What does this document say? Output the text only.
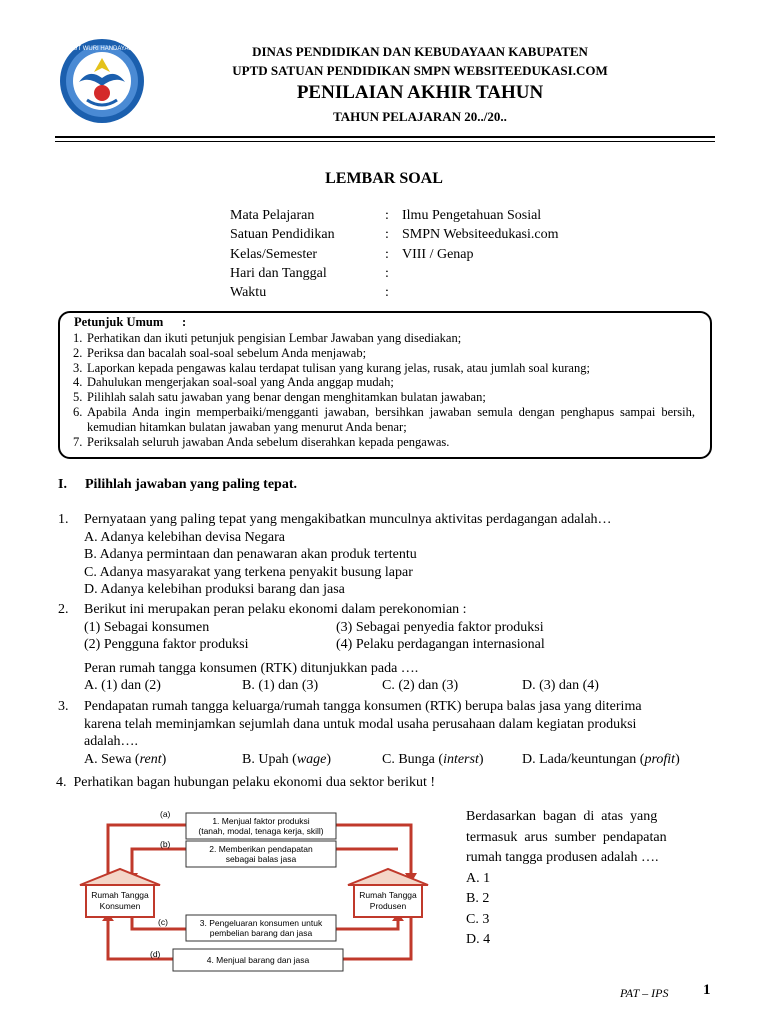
TUT WURI HANDAYANI	DINAS PENDIDIKAN DAN KEBUDAYAAN KABUPATEN
UPTD SATUAN PENDIDIKAN SMPN WEBSITEEDUKASI.COM
PENILAIAN AKHIR TAHUN
TAHUN PELAJARAN 20../20..
LEMBAR SOAL
Mata Pelajaran	: Ilmu Pengetahuan Sosial
Satuan Pendidikan	: SMPN Websiteedukasi.com
Kelas/Semester	: VIII / Genap
Hari dan Tanggal	:
Waktu	:
Petunjuk Umum      :
1. Perhatikan dan ikuti petunjuk pengisian Lembar Jawaban yang disediakan;
2. Periksa dan bacalah soal-soal sebelum Anda menjawab;
3. Laporkan kepada pengawas kalau terdapat tulisan yang kurang jelas, rusak, atau jumlah soal kurang;
4. Dahulukan mengerjakan soal-soal yang Anda anggap mudah;
5. Pilihlah salah satu jawaban yang benar dengan menghitamkan bulatan jawaban;
6. Apabila Anda ingin memperbaiki/mengganti jawaban, bersihkan jawaban semula dengan penghapus sampai bersih, kemudian hitamkan bulatan jawaban yang menurut Anda benar;
7. Periksalah seluruh jawaban Anda sebelum diserahkan kepada pengawas.
I. Pilihlah jawaban yang paling tepat.
1. Pernyataan yang paling tepat yang mengakibatkan munculnya aktivitas perdagangan adalah…
A. Adanya kelebihan devisa Negara
B. Adanya permintaan dan penawaran akan produk tertentu
C. Adanya masyarakat yang terkena penyakit busung lapar
D. Adanya kelebihan produksi barang dan jasa
2. Berikut ini merupakan peran pelaku ekonomi dalam perekonomian :
(1) Sebagai konsumen	(3) Sebagai penyedia faktor produksi
(2) Pengguna faktor produksi	(4) Pelaku perdagangan internasional
Peran rumah tangga konsumen (RTK) ditunjukkan pada ….
A. (1) dan (2)	B. (1) dan (3)	C. (2) dan (3)	D. (3) dan (4)
3. Pendapatan rumah tangga keluarga/rumah tangga konsumen (RTK) berupa balas jasa yang diterima
karena telah meminjamkan sejumlah dana untuk modal usaha perusahaan dalam kegiatan produksi
adalah….
A. Sewa (rent)	B. Upah (wage)	C. Bunga (interst)	D. Lada/keuntungan (profit)
4. Perhatikan bagan hubungan pelaku ekonomi dua sektor berikut !
1. Menjual faktor produksi
(tanah, modal, tenaga kerja, skill)
2. Memberikan pendapatan
sebagai balas jasa
3. Pengeluaran konsumen untuk
pembelian barang dan jasa
4. Menjual barang dan jasa
(a)
(b)
(c)
(d)
Rumah Tangga
Konsumen
Rumah Tangga
Produsen

Berdasarkan  bagan  di  atas  yang

termasuk  arus  sumber  pendapatan

rumah tangga produsen adalah ….

A. 1

B. 2

C. 3

D. 4

PAT – IPS 1
